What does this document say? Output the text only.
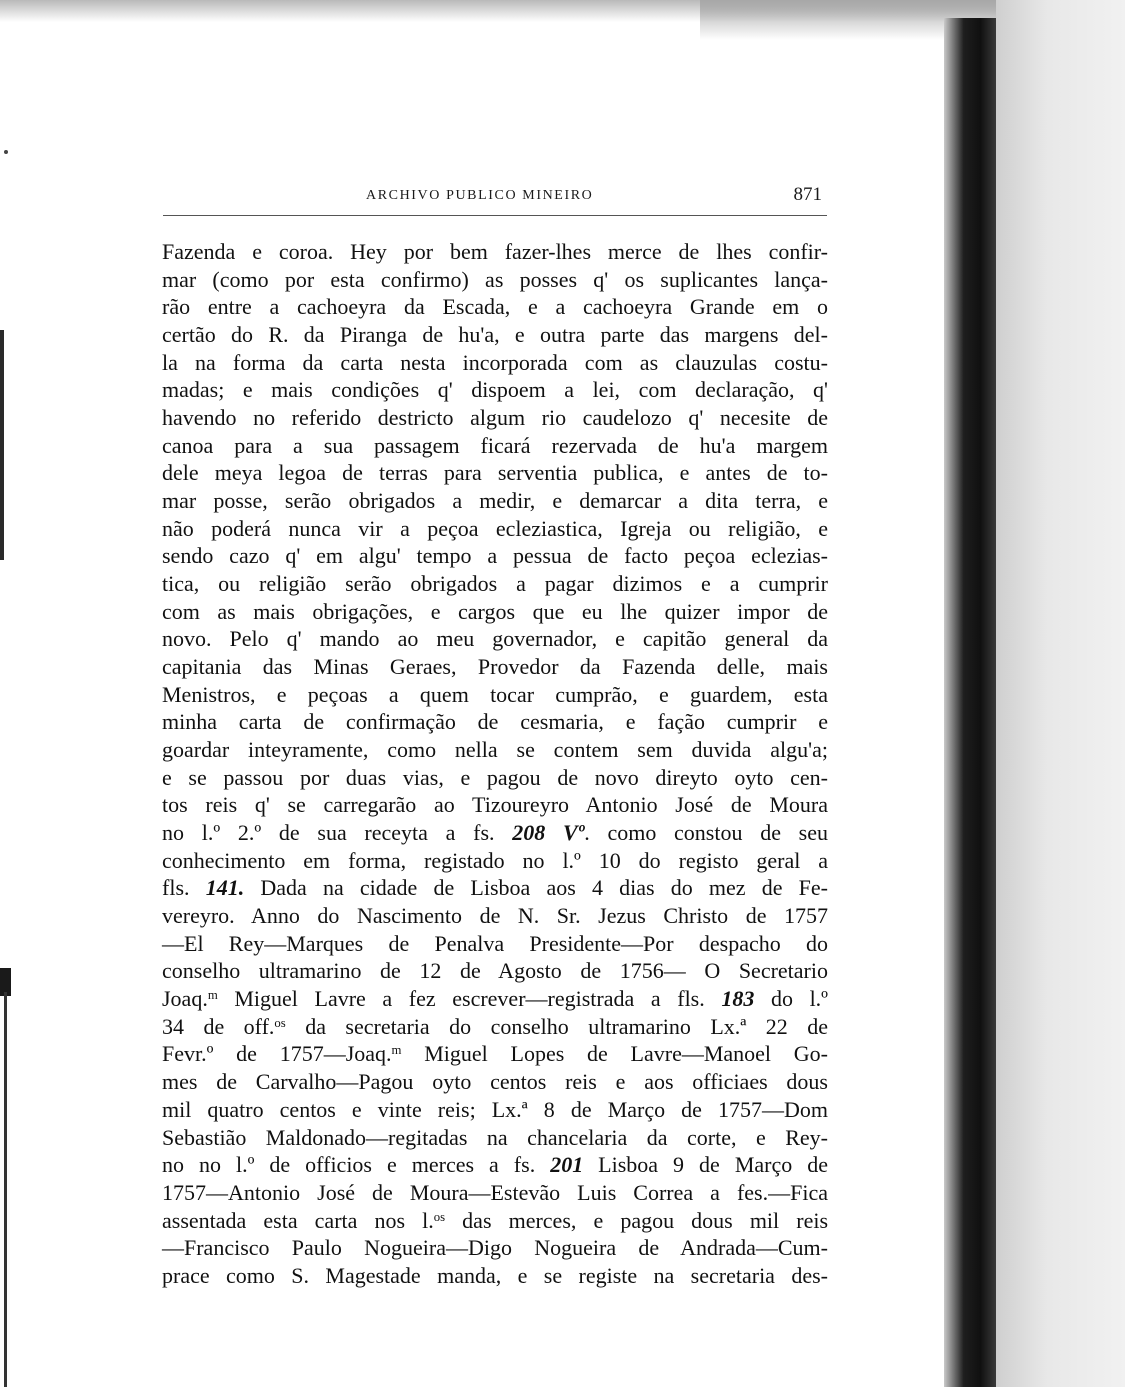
ARCHIVO PUBLICO MINEIRO	871
Fazenda e coroa. Hey por bem fazer-lhes merce de lhes confir-
mar (como por esta confirmo) as posses q' os suplicantes lança-
rão entre a cachoeyra da Escada, e a cachoeyra Grande em o
certão do R. da Piranga de hu'a, e outra parte das margens del-
la na forma da carta nesta incorporada com as clauzulas costu-
madas; e mais condições q' dispoem a lei, com declaração, q'
havendo no referido destricto algum rio caudelozo q' necesite de
canoa para a sua passagem ficará rezervada de hu'a margem
dele meya legoa de terras para serventia publica, e antes de to-
mar posse, serão obrigados a medir, e demarcar a dita terra, e
não poderá nunca vir a peçoa ecleziastica, Igreja ou religião, e
sendo cazo q' em algu' tempo a pessua de facto peçoa eclezias-
tica, ou religião serão obrigados a pagar dizimos e a cumprir
com as mais obrigações, e cargos que eu lhe quizer impor de
novo. Pelo q' mando ao meu governador, e capitão general da
capitania das Minas Geraes, Provedor da Fazenda delle, mais
Menistros, e peçoas a quem tocar cumprão, e guardem, esta
minha carta de confirmação de cesmaria, e fação cumprir e
goardar inteyramente, como nella se contem sem duvida algu'a;
e se passou por duas vias, e pagou de novo direyto oyto cen-
tos reis q' se carregarão ao Tizoureyro Antonio José de Moura
no l.º 2.º de sua receyta a fs. 208 Vº. como constou de seu
conhecimento em forma, registado no l.º 10 do registo geral a
fls. 141. Dada na cidade de Lisboa aos 4 dias do mez de Fe-
vereyro. Anno do Nascimento de N. Sr. Jezus Christo de 1757
—El Rey—Marques de Penalva Presidente—Por despacho do
conselho ultramarino de 12 de Agosto de 1756— O Secretario
Joaq.$^m$ Miguel Lavre a fez escrever—registrada a fls. 183 do l.º
34 de off.$^{os}$ da secretaria do conselho ultramarino Lx.ª 22 de
Fevr.º de 1757—Joaq.$^m$ Miguel Lopes de Lavre—Manoel Go-
mes de Carvalho—Pagou oyto centos reis e aos officiaes dous
mil quatro centos e vinte reis; Lx.ª 8 de Março de 1757—Dom
Sebastião Maldonado—regitadas na chancelaria da corte, e Rey-
no no l.º de officios e merces a fs. 201 Lisboa 9 de Março de
1757—Antonio José de Moura—Estevão Luis Correa a fes.—Fica
assentada esta carta nos l.$^{os}$ das merces, e pagou dous mil reis
—Francisco Paulo Nogueira—Digo Nogueira de Andrada—Cum-
prace como S. Magestade manda, e se registe na secretaria des-
